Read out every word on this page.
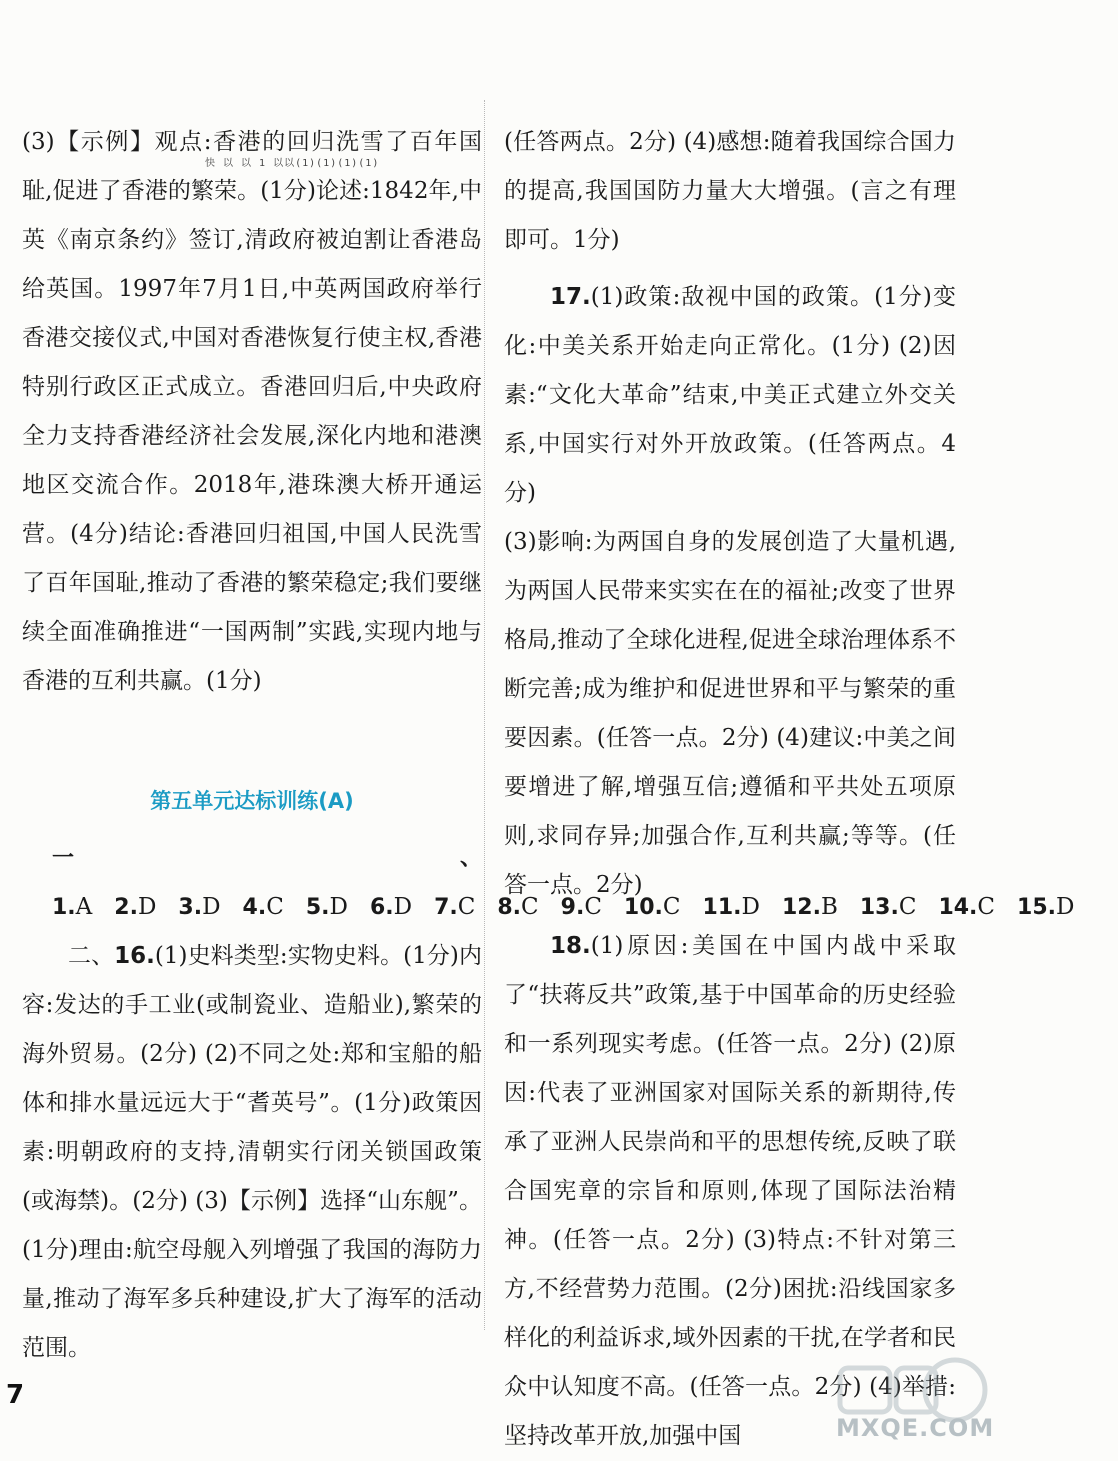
(3)【示例】观点:香港的回归洗雪了百年国耻,促进了香港的繁荣。(1分)论述:1842年,中英《南京条约》签订,清政府被迫割让香港岛给英国。1997年7月1日,中英两国政府举行香港交接仪式,中国对香港恢复行使主权,香港特别行政区正式成立。香港回归后,中央政府全力支持香港经济社会发展,深化内地和港澳地区交流合作。2018年,港珠澳大桥开通运营。(4分)结论:香港回归祖国,中国人民洗雪了百年国耻,推动了香港的繁荣稳定;我们要继续全面准确推进“一国两制”实践,实现内地与香港的互利共赢。(1分)

第五单元达标训练(A)

一、1.A 2.D 3.D 4.C 5.D 6.D 7.C 8.C 9.C 10.C 11.D 12.B 13.C 14.C 15.D

二、16.(1)史料类型:实物史料。(1分)内容:发达的手工业(或制瓷业、造船业),繁荣的海外贸易。(2分) (2)不同之处:郑和宝船的船体和排水量远远大于“耆英号”。(1分)政策因素:明朝政府的支持,清朝实行闭关锁国政策(或海禁)。(2分) (3)【示例】选择“山东舰”。(1分)理由:航空母舰入列增强了我国的海防力量,推动了海军多兵种建设,扩大了海军的活动范围。

快 以 以 1 以以(1)(1)(1)(1)

(任答两点。2分) (4)感想:随着我国综合国力的提高,我国国防力量大大增强。(言之有理即可。1分)

17.(1)政策:敌视中国的政策。(1分)变化:中美关系开始走向正常化。(1分) (2)因素:“文化大革命”结束,中美正式建立外交关系,中国实行对外开放政策。(任答两点。4分)

(3)影响:为两国自身的发展创造了大量机遇,为两国人民带来实实在在的福祉;改变了世界格局,推动了全球化进程,促进全球治理体系不断完善;成为维护和促进世界和平与繁荣的重要因素。(任答一点。2分) (4)建议:中美之间要增进了解,增强互信;遵循和平共处五项原则,求同存异;加强合作,互利共赢;等等。(任答一点。2分)

18.(1)原因:美国在中国内战中采取了“扶蒋反共”政策,基于中国革命的历史经验和一系列现实考虑。(任答一点。2分) (2)原因:代表了亚洲国家对国际关系的新期待,传承了亚洲人民崇尚和平的思想传统,反映了联合国宪章的宗旨和原则,体现了国际法治精神。(任答一点。2分) (3)特点:不针对第三方,不经营势力范围。(2分)困扰:沿线国家多样化的利益诉求,域外因素的干扰,在学者和民众中认知度不高。(任答一点。2分) (4)举措:坚持改革开放,加强中国

7
MXQE.COM
